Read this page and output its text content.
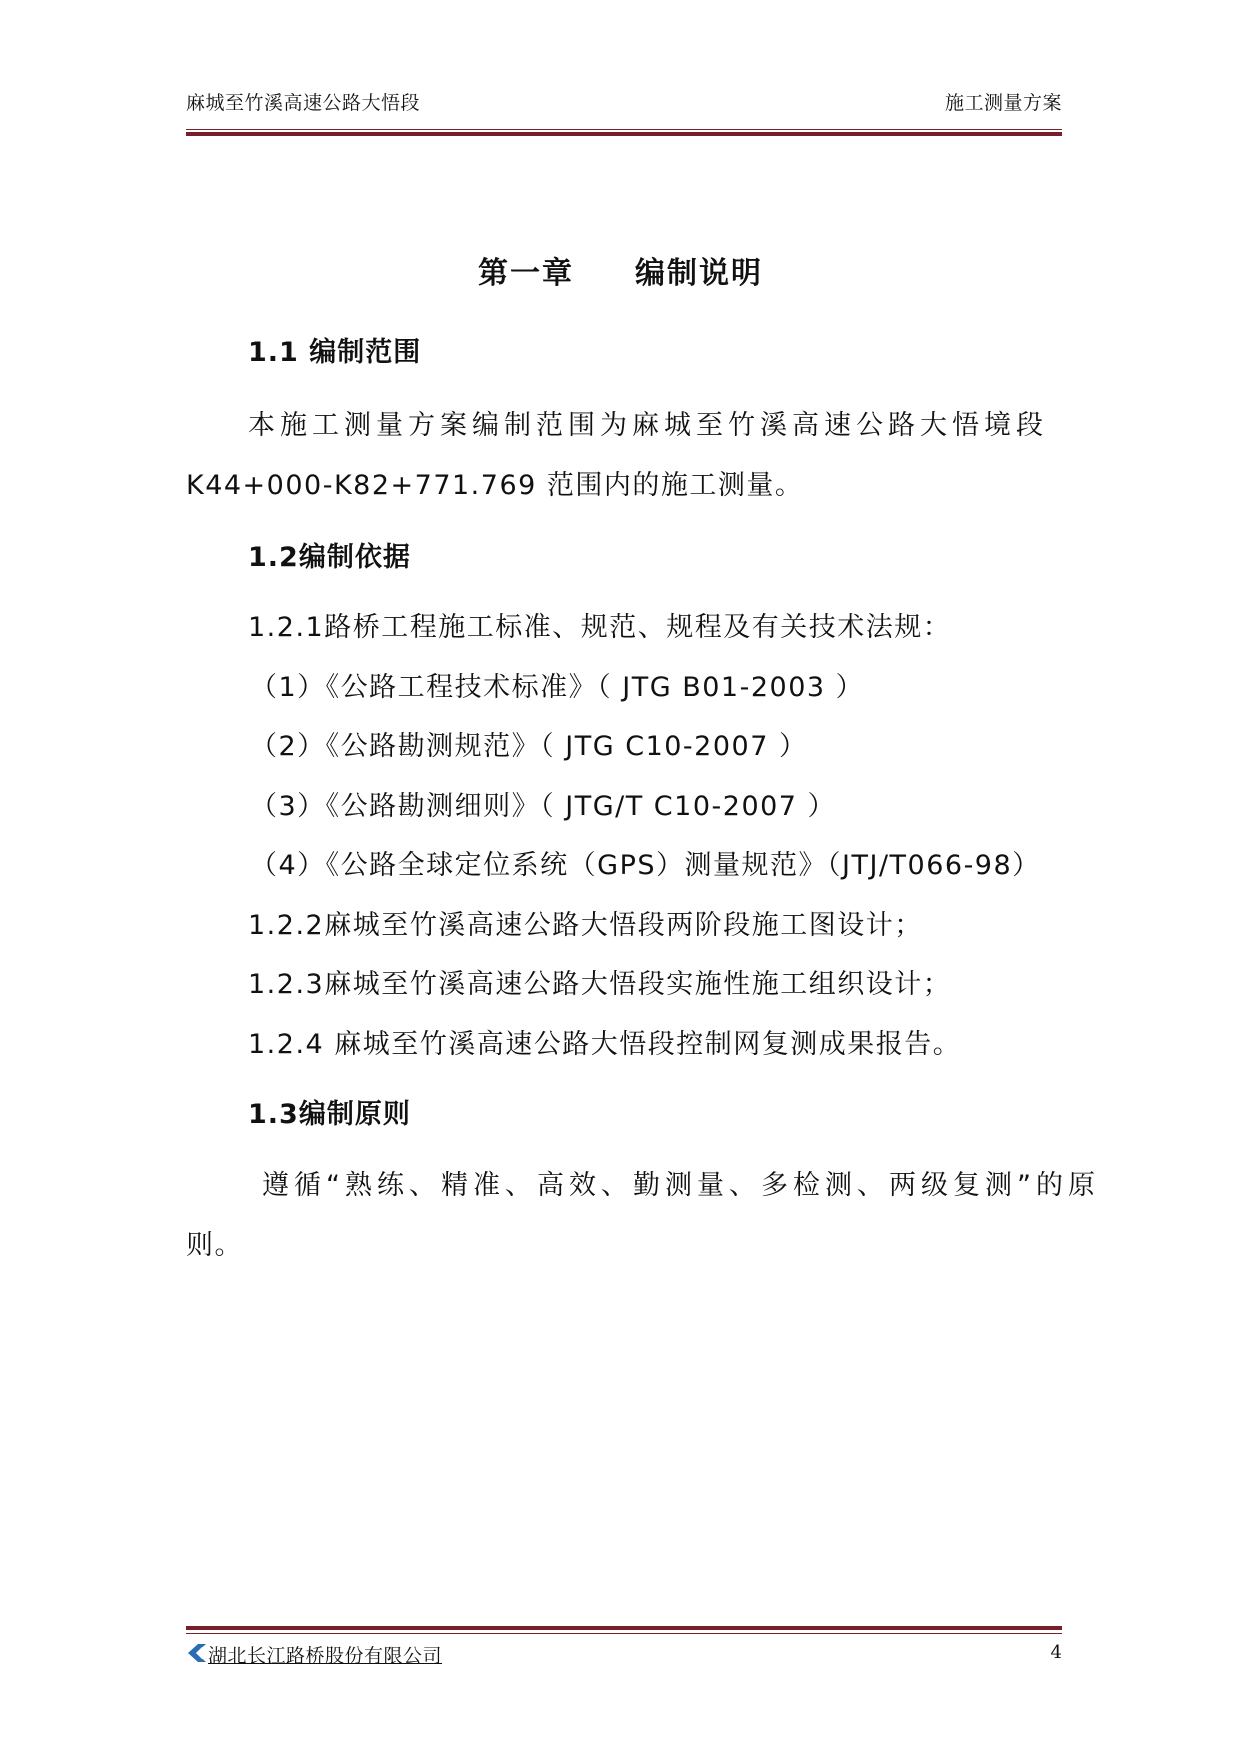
麻城至竹溪高速公路大悟段	施工测量方案
第一章 编制说明
1.1 编制范围
本施工测量方案编制范围为麻城至竹溪高速公路大悟境段
K44+000-K82+771.769 范围内的施工测量。
1.2编制依据
1.2.1路桥工程施工标准、规范、规程及有关技术法规：
（1）《公路工程技术标准》（ JTG B01-2003 ）
（2）《公路勘测规范》（ JTG C10-2007 ）
（3）《公路勘测细则》（ JTG/T C10-2007 ）
（4）《公路全球定位系统（GPS）测量规范》（JTJ/T066-98）
1.2.2麻城至竹溪高速公路大悟段两阶段施工图设计；
1.2.3麻城至竹溪高速公路大悟段实施性施工组织设计；
1.2.4 麻城至竹溪高速公路大悟段控制网复测成果报告。
1.3编制原则
遵循“熟练、精准、高效、勤测量、多检测、两级复测”的原
则。
湖北长江路桥股份有限公司	4
